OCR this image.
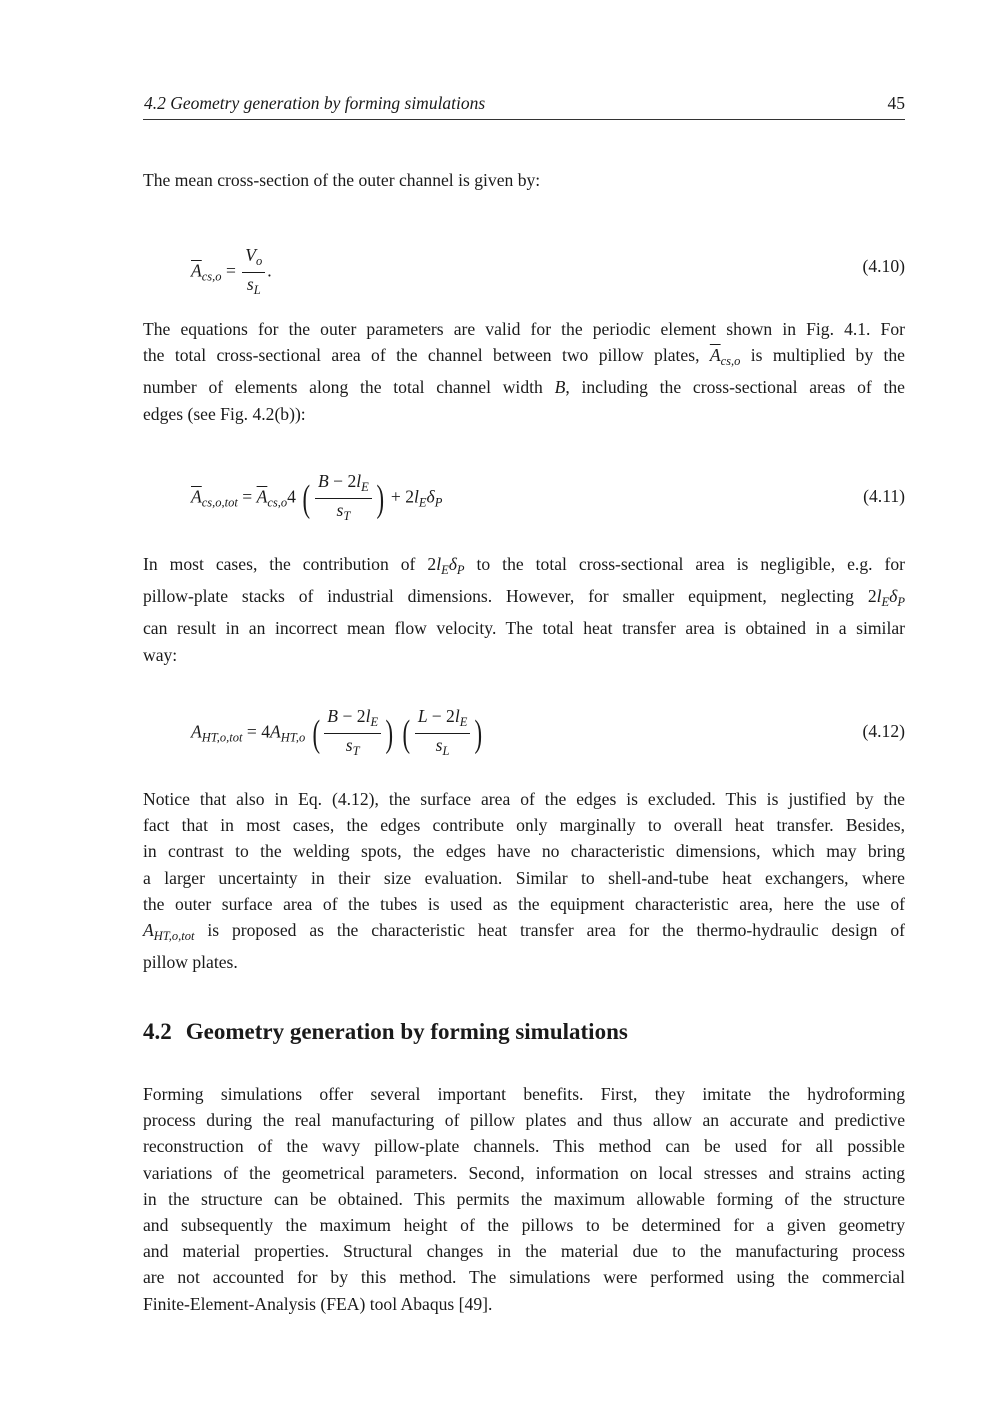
4.2 Geometry generation by forming simulations	45

The mean cross-section of the outer channel is given by:

$\overline{A}_{cs,o} = \frac{V_o}{s_L}$ .	(4.10)

The equations for the outer parameters are valid for the periodic element shown in Fig. 4.1. For
the total cross-sectional area of the channel between two pillow plates, $\overline{A}_{cs,o}$ is multiplied by the
number of elements along the total channel width B, including the cross-sectional areas of the
edges (see Fig. 4.2(b)):

$\overline{A}_{cs,o,tot} = \overline{A}_{cs,o}4$ ( $\frac{B - 2l_E}{s_T}$ ) + $2l_E\delta_P$	(4.11)

In most cases, the contribution of $2l_E\delta_P$ to the total cross-sectional area is negligible, e.g. for
pillow-plate stacks of industrial dimensions. However, for smaller equipment, neglecting $2l_E\delta_P$
can result in an incorrect mean flow velocity. The total heat transfer area is obtained in a similar
way:

$A_{HT,o,tot} = 4A_{HT,o}$ ( $\frac{B - 2l_E}{s_T}$ ) ( $\frac{L - 2l_E}{s_L}$ )	(4.12)

Notice that also in Eq. (4.12), the surface area of the edges is excluded. This is justified by the
fact that in most cases, the edges contribute only marginally to overall heat transfer. Besides,
in contrast to the welding spots, the edges have no characteristic dimensions, which may bring
a larger uncertainty in their size evaluation. Similar to shell-and-tube heat exchangers, where
the outer surface area of the tubes is used as the equipment characteristic area, here the use of
$A_{HT,o,tot}$ is proposed as the characteristic heat transfer area for the thermo-hydraulic design of
pillow plates.

4.2 Geometry generation by forming simulations

Forming simulations offer several important benefits. First, they imitate the hydroforming
process during the real manufacturing of pillow plates and thus allow an accurate and predictive
reconstruction of the wavy pillow-plate channels. This method can be used for all possible
variations of the geometrical parameters. Second, information on local stresses and strains acting
in the structure can be obtained. This permits the maximum allowable forming of the structure
and subsequently the maximum height of the pillows to be determined for a given geometry
and material properties. Structural changes in the material due to the manufacturing process
are not accounted for by this method. The simulations were performed using the commercial
Finite-Element-Analysis (FEA) tool Abaqus [49].
